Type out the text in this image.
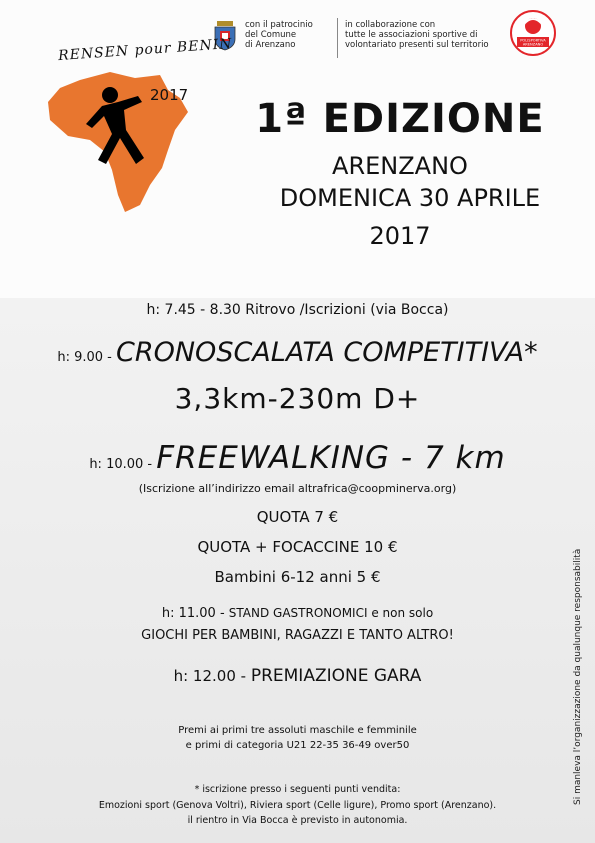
con il patrocinio
del Comune
di Arenzano
in collaborazione con
tutte le associazioni sportive di
volontariato presenti sul territorio	POLISPORTIVA
ARENZANO
RENSEN pour BENIN
2017
1ª EDIZIONE
ARENZANO
DOMENICA 30 APRILE
2017
h: 7.45 - 8.30 Ritrovo /Iscrizioni (via Bocca)
h: 9.00 - CRONOSCALATA COMPETITIVA*
3,3km-230m D+
h: 10.00 - FREEWALKING - 7 km
(Iscrizione all’indirizzo email altrafrica@coopminerva.org)
QUOTA 7 €
QUOTA + FOCACCINE 10 €
Bambini 6-12 anni 5 €
h: 11.00 - STAND GASTRONOMICI e non solo
GIOCHI PER BAMBINI, RAGAZZI E TANTO ALTRO!
h: 12.00 - PREMIAZIONE GARA
Premi ai primi tre assoluti maschile e femminile
e primi di categoria U21 22-35 36-49 over50
* iscrizione presso i seguenti punti vendita:
Emozioni sport (Genova Voltri), Riviera sport (Celle ligure), Promo sport (Arenzano).
il rientro in Via Bocca è previsto in autonomia.
Si manleva l’organizzazione da qualunque responsabilità
